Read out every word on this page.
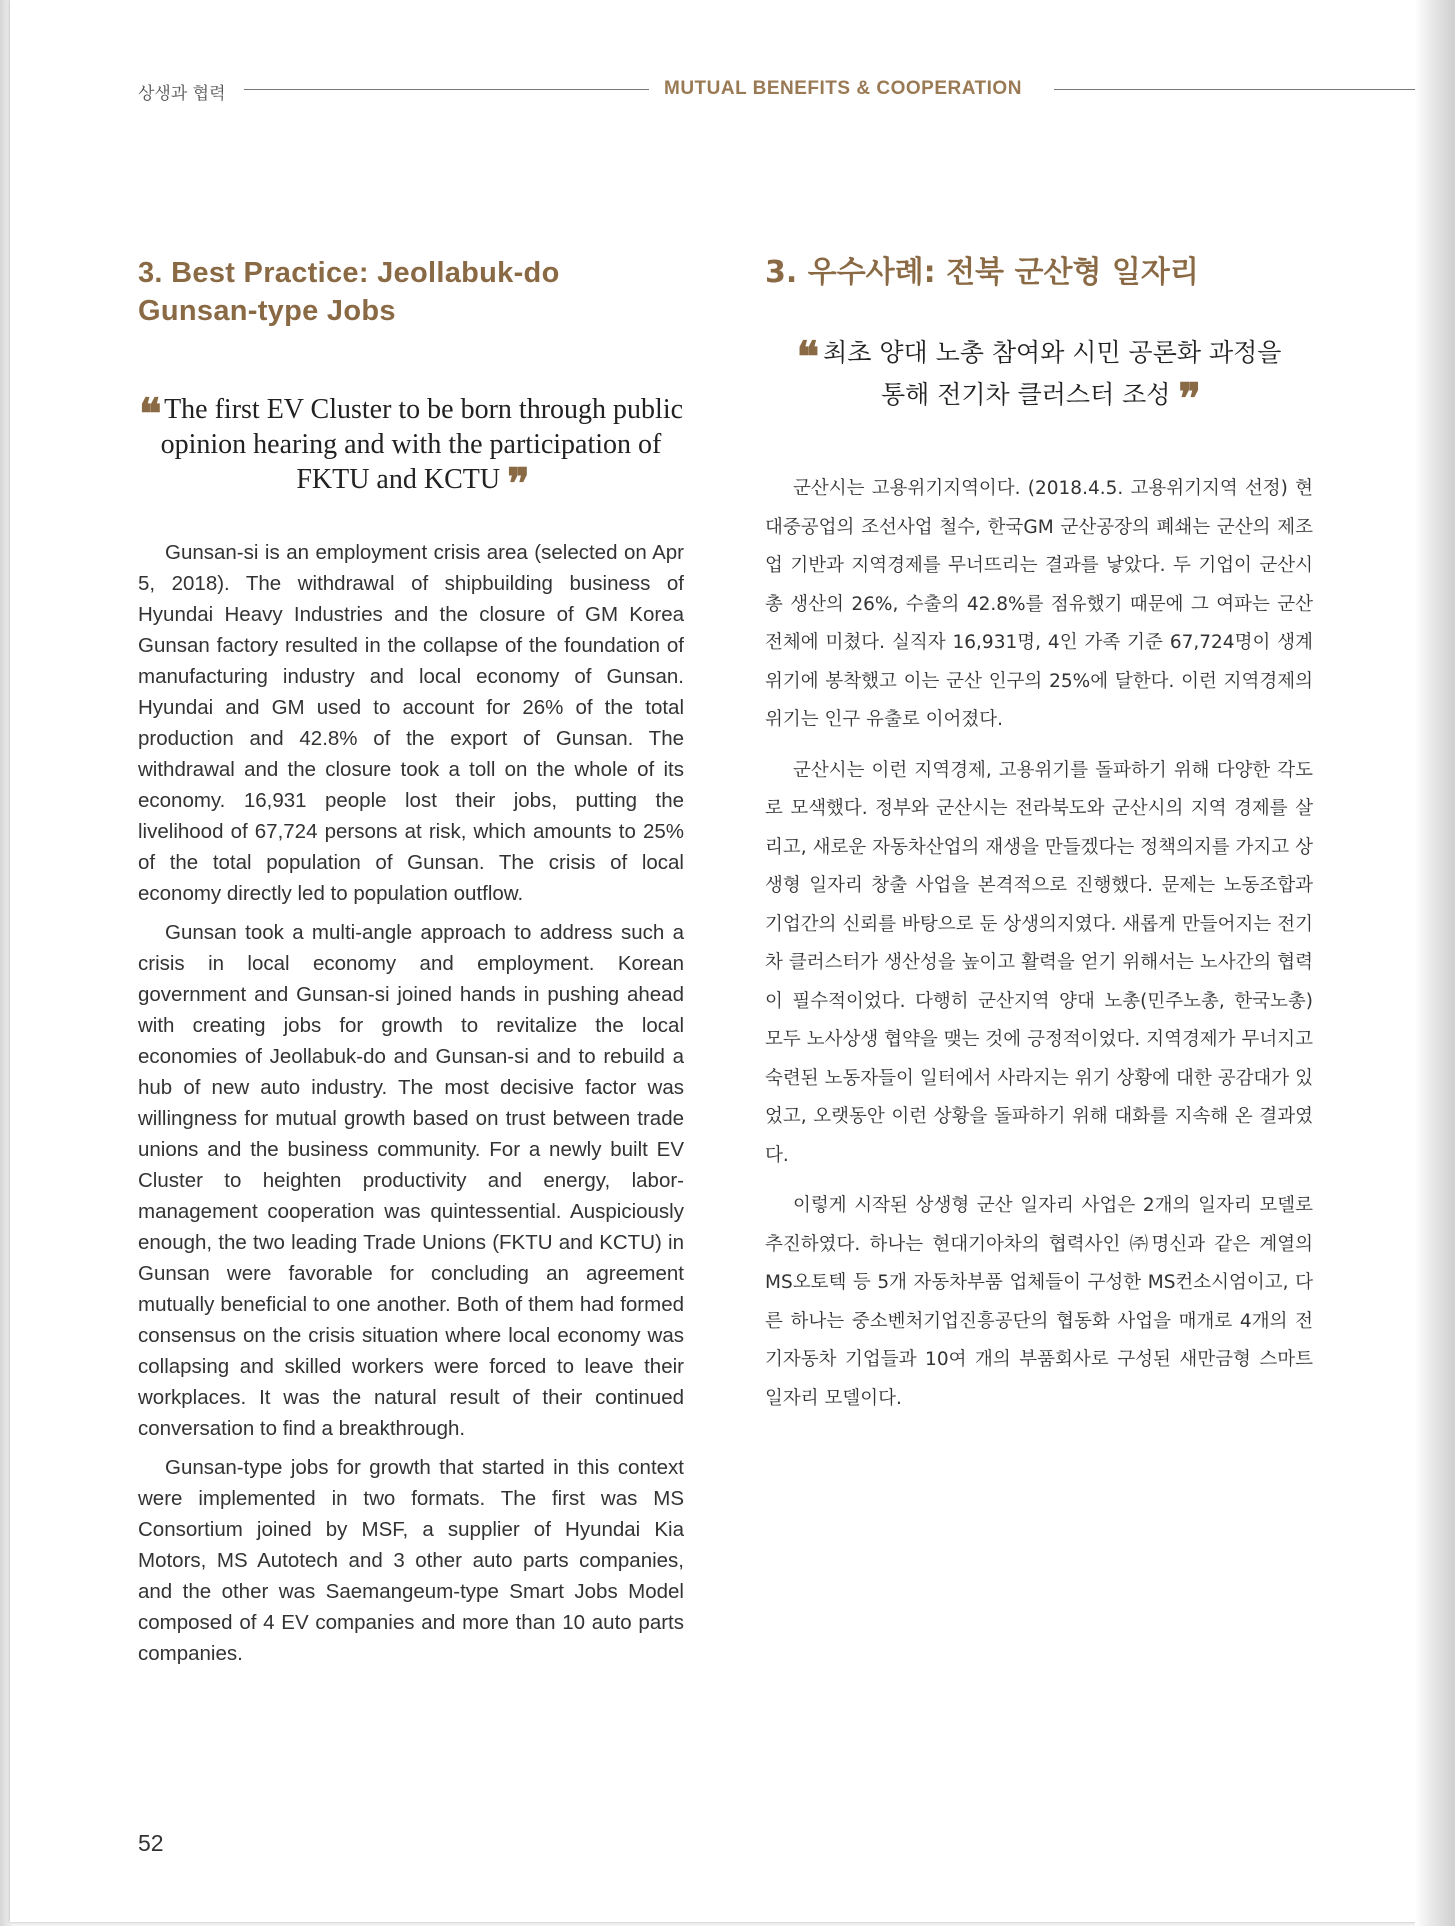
상생과 협력	MUTUAL BENEFITS & COOPERATION
3. Best Practice: Jeollabuk-do Gunsan-type Jobs
❝ The first EV Cluster to be born through public opinion hearing and with the participation of FKTU and KCTU ❞

Gunsan-si is an employment crisis area (selected on Apr 5, 2018). The withdrawal of shipbuilding business of Hyundai Heavy Industries and the closure of GM Korea Gunsan factory resulted in the collapse of the foundation of manufacturing industry and local economy of Gunsan. Hyundai and GM used to account for 26% of the total production and 42.8% of the export of Gunsan. The withdrawal and the closure took a toll on the whole of its economy. 16,931 people lost their jobs, putting the livelihood of 67,724 persons at risk, which amounts to 25% of the total population of Gunsan. The crisis of local economy directly led to population outflow.

Gunsan took a multi-angle approach to address such a crisis in local economy and employment. Korean government and Gunsan-si joined hands in pushing ahead with creating jobs for growth to revitalize the local economies of Jeollabuk-do and Gunsan-si and to rebuild a hub of new auto industry. The most decisive factor was willingness for mutual growth based on trust between trade unions and the business community. For a newly built EV Cluster to heighten productivity and energy, labor-management cooperation was quintessential. Auspiciously enough, the two leading Trade Unions (FKTU and KCTU) in Gunsan were favorable for concluding an agreement mutually beneficial to one another. Both of them had formed consensus on the crisis situation where local economy was collapsing and skilled workers were forced to leave their workplaces. It was the natural result of their continued conversation to find a breakthrough.

Gunsan-type jobs for growth that started in this context were implemented in two formats. The first was MS Consortium joined by MSF, a supplier of Hyundai Kia Motors, MS Autotech and 3 other auto parts companies, and the other was Saemangeum-type Smart Jobs Model composed of 4 EV companies and more than 10 auto parts companies.

3. 우수사례: 전북 군산형 일자리
❝ 최초 양대 노총 참여와 시민 공론화 과정을
통해 전기차 클러스터 조성 ❞

군산시는 고용위기지역이다. (2018.4.5. 고용위기지역 선정) 현대중공업의 조선사업 철수, 한국GM 군산공장의 폐쇄는 군산의 제조업 기반과 지역경제를 무너뜨리는 결과를 낳았다. 두 기업이 군산시 총 생산의 26%, 수출의 42.8%를 점유했기 때문에 그 여파는 군산 전체에 미쳤다. 실직자 16,931명, 4인 가족 기준 67,724명이 생계위기에 봉착했고 이는 군산 인구의 25%에 달한다. 이런 지역경제의 위기는 인구 유출로 이어졌다.

군산시는 이런 지역경제, 고용위기를 돌파하기 위해 다양한 각도로 모색했다. 정부와 군산시는 전라북도와 군산시의 지역 경제를 살리고, 새로운 자동차산업의 재생을 만들겠다는 정책의지를 가지고 상생형 일자리 창출 사업을 본격적으로 진행했다. 문제는 노동조합과 기업간의 신뢰를 바탕으로 둔 상생의지였다. 새롭게 만들어지는 전기차 클러스터가 생산성을 높이고 활력을 얻기 위해서는 노사간의 협력이 필수적이었다. 다행히 군산지역 양대 노총(민주노총, 한국노총) 모두 노사상생 협약을 맺는 것에 긍정적이었다. 지역경제가 무너지고 숙련된 노동자들이 일터에서 사라지는 위기 상황에 대한 공감대가 있었고, 오랫동안 이런 상황을 돌파하기 위해 대화를 지속해 온 결과였다.

이렇게 시작된 상생형 군산 일자리 사업은 2개의 일자리 모델로 추진하였다. 하나는 현대기아차의 협력사인 ㈜명신과 같은 계열의 MS오토텍 등 5개 자동차부품 업체들이 구성한 MS컨소시엄이고, 다른 하나는 중소벤처기업진흥공단의 협동화 사업을 매개로 4개의 전기자동차 기업들과 10여 개의 부품회사로 구성된 새만금형 스마트 일자리 모델이다.

52
